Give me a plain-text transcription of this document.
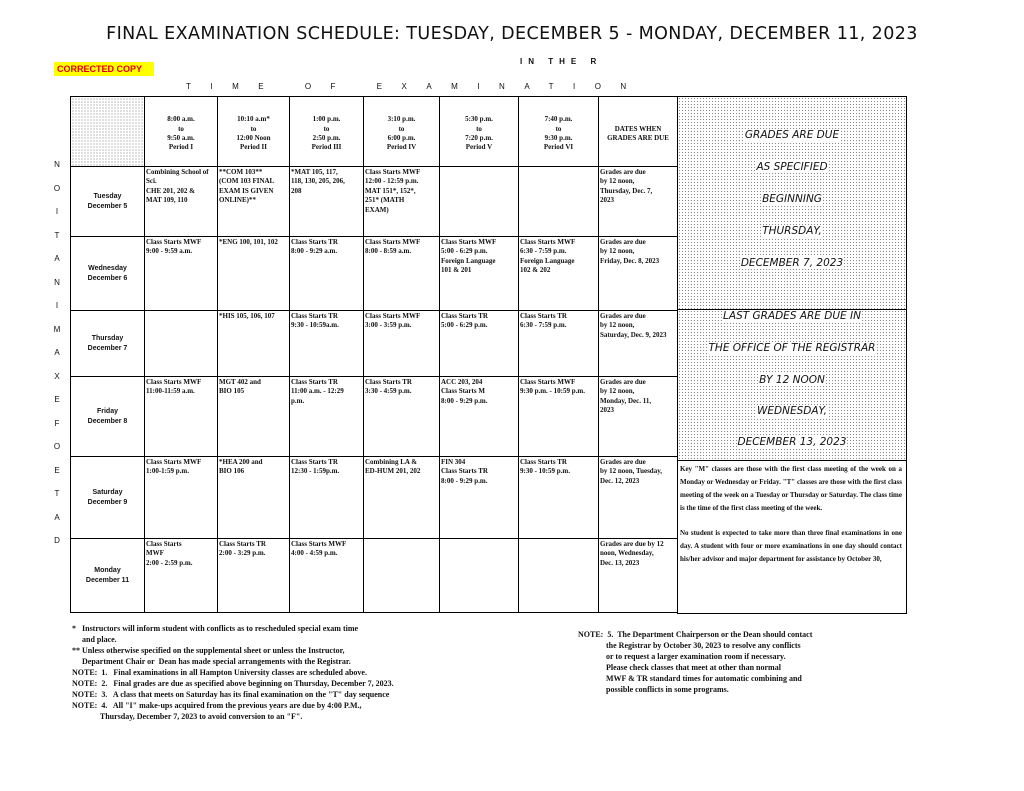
FINAL EXAMINATION SCHEDULE: TUESDAY, DECEMBER 5 - MONDAY, DECEMBER 11, 2023
CORRECTED COPY
IN THE R
TIME OF EXAMINATION
N
O
I
T
A
N
I
M
A
X
E
F
O
E
T
A
D
	8:00 a.m.
to
9:50 a.m.
Period I	10:10 a.m*
to
12:00 Noon
Period II	1:00 p.m.
to
2:50 p.m.
Period III	3:10 p.m.
to
6:00 p.m.
Period IV	5:30 p.m.
to
7:20 p.m.
Period V	7:40 p.m.
to
9:30 p.m.
Period VI	DATES WHEN
GRADES ARE DUE
Tuesday
December 5	Combining School of Sci.
CHE 201, 202 &
MAT 109, 110	**COM 103**
(COM 103 FINAL
EXAM IS GIVEN
ONLINE)**	*MAT 105, 117,
118, 130, 205, 206,
208	Class Starts MWF
12:00 - 12:59 p.m.
MAT 151*, 152*,
251* (MATH
EXAM)			Grades are due
by 12 noon,
Thursday, Dec. 7,
2023
Wednesday
December 6	Class Starts MWF
9:00 - 9:59 a.m.	*ENG 100, 101, 102	Class Starts TR
8:00 - 9:29 a.m.	Class Starts MWF
8:00 - 8:59 a.m.	Class Starts MWF
5:00 - 6:29 p.m.
Foreign Language
101 & 201	Class Starts MWF
6:30 - 7:59 p.m.
Foreign Language
102 & 202	Grades are due
by 12 noon,
Friday, Dec. 8, 2023
Thursday
December 7		*HIS 105, 106, 107	Class Starts TR
9:30 - 10:59a.m.	Class Starts MWF
3:00 - 3:59 p.m.	Class Starts TR
5:00 - 6:29 p.m.	Class Starts TR
6:30 - 7:59 p.m.	Grades are due
by 12 noon,
Saturday, Dec. 9, 2023
Friday
December 8	Class Starts MWF
11:00-11:59 a.m.	MGT 402 and
BIO 105	Class Starts TR
11:00 a.m. - 12:29
p.m.	Class Starts TR
3:30 - 4:59 p.m.	ACC 203, 204
Class Starts M
8:00 - 9:29 p.m.	Class Starts MWF
9:30 p.m. - 10:59 p.m.	Grades are due
by 12 noon,
Monday, Dec. 11,
2023
Saturday
December 9	Class Starts MWF
1:00-1:59 p.m.	*HEA 200 and
BIO 106	Class Starts TR
12:30 - 1:59p.m.	Combining LA &
ED-HUM 201, 202	FIN 304
Class Starts TR
8:00 - 9:29 p.m.	Class Starts TR
9:30 - 10:59 p.m.	Grades are due
by 12 noon, Tuesday,
Dec. 12, 2023
Monday
December 11	Class Starts
MWF
2:00 - 2:59 p.m.	Class Starts TR
2:00 - 3:29 p.m.	Class Starts MWF
4:00 - 4:59 p.m.				Grades are due by 12
noon, Wednesday,
Dec. 13, 2023
GRADES ARE DUE
AS SPECIFIED
BEGINNING
THURSDAY,
DECEMBER 7, 2023
LAST GRADES ARE DUE IN
THE OFFICE OF THE REGISTRAR
BY 12 NOON
WEDNESDAY,
DECEMBER 13, 2023

Key "M" classes are those with the first class meeting of the week on a Monday or Wednesday or Friday. "T" classes are those with the first class meeting of the week on a Tuesday or Thursday or Saturday. The class time is the time of the first class meeting of the week.

No student is expected to take more than three final examinations in one day. A student with four or more examinations in one day should contact his/her advisor and major department for assistance by October 30,

*   Instructors will inform student with conflicts as to rescheduled special exam time
and place.
** Unless otherwise specified on the supplemental sheet or unless the Instructor,
Department Chair or  Dean has made special arrangements with the Registrar.
NOTE:  1.   Final examinations in all Hampton University classes are scheduled above.
NOTE:  2.   Final grades are due as specified above beginning on Thursday, December 7, 2023.
NOTE:  3.   A class that meets on Saturday has its final examination on the "T" day sequence
NOTE:  4.   All "I" make-ups acquired from the previous years are due by 4:00 P.M.,
Thursday, December 7, 2023 to avoid conversion to an "F".
NOTE:  5.  The Department Chairperson or the Dean should contact
the Registrar by October 30, 2023 to resolve any conflicts
or to request a larger examination room if necessary.
Please check classes that meet at other than normal
MWF & TR standard times for automatic combining and
possible conflicts in some programs.
